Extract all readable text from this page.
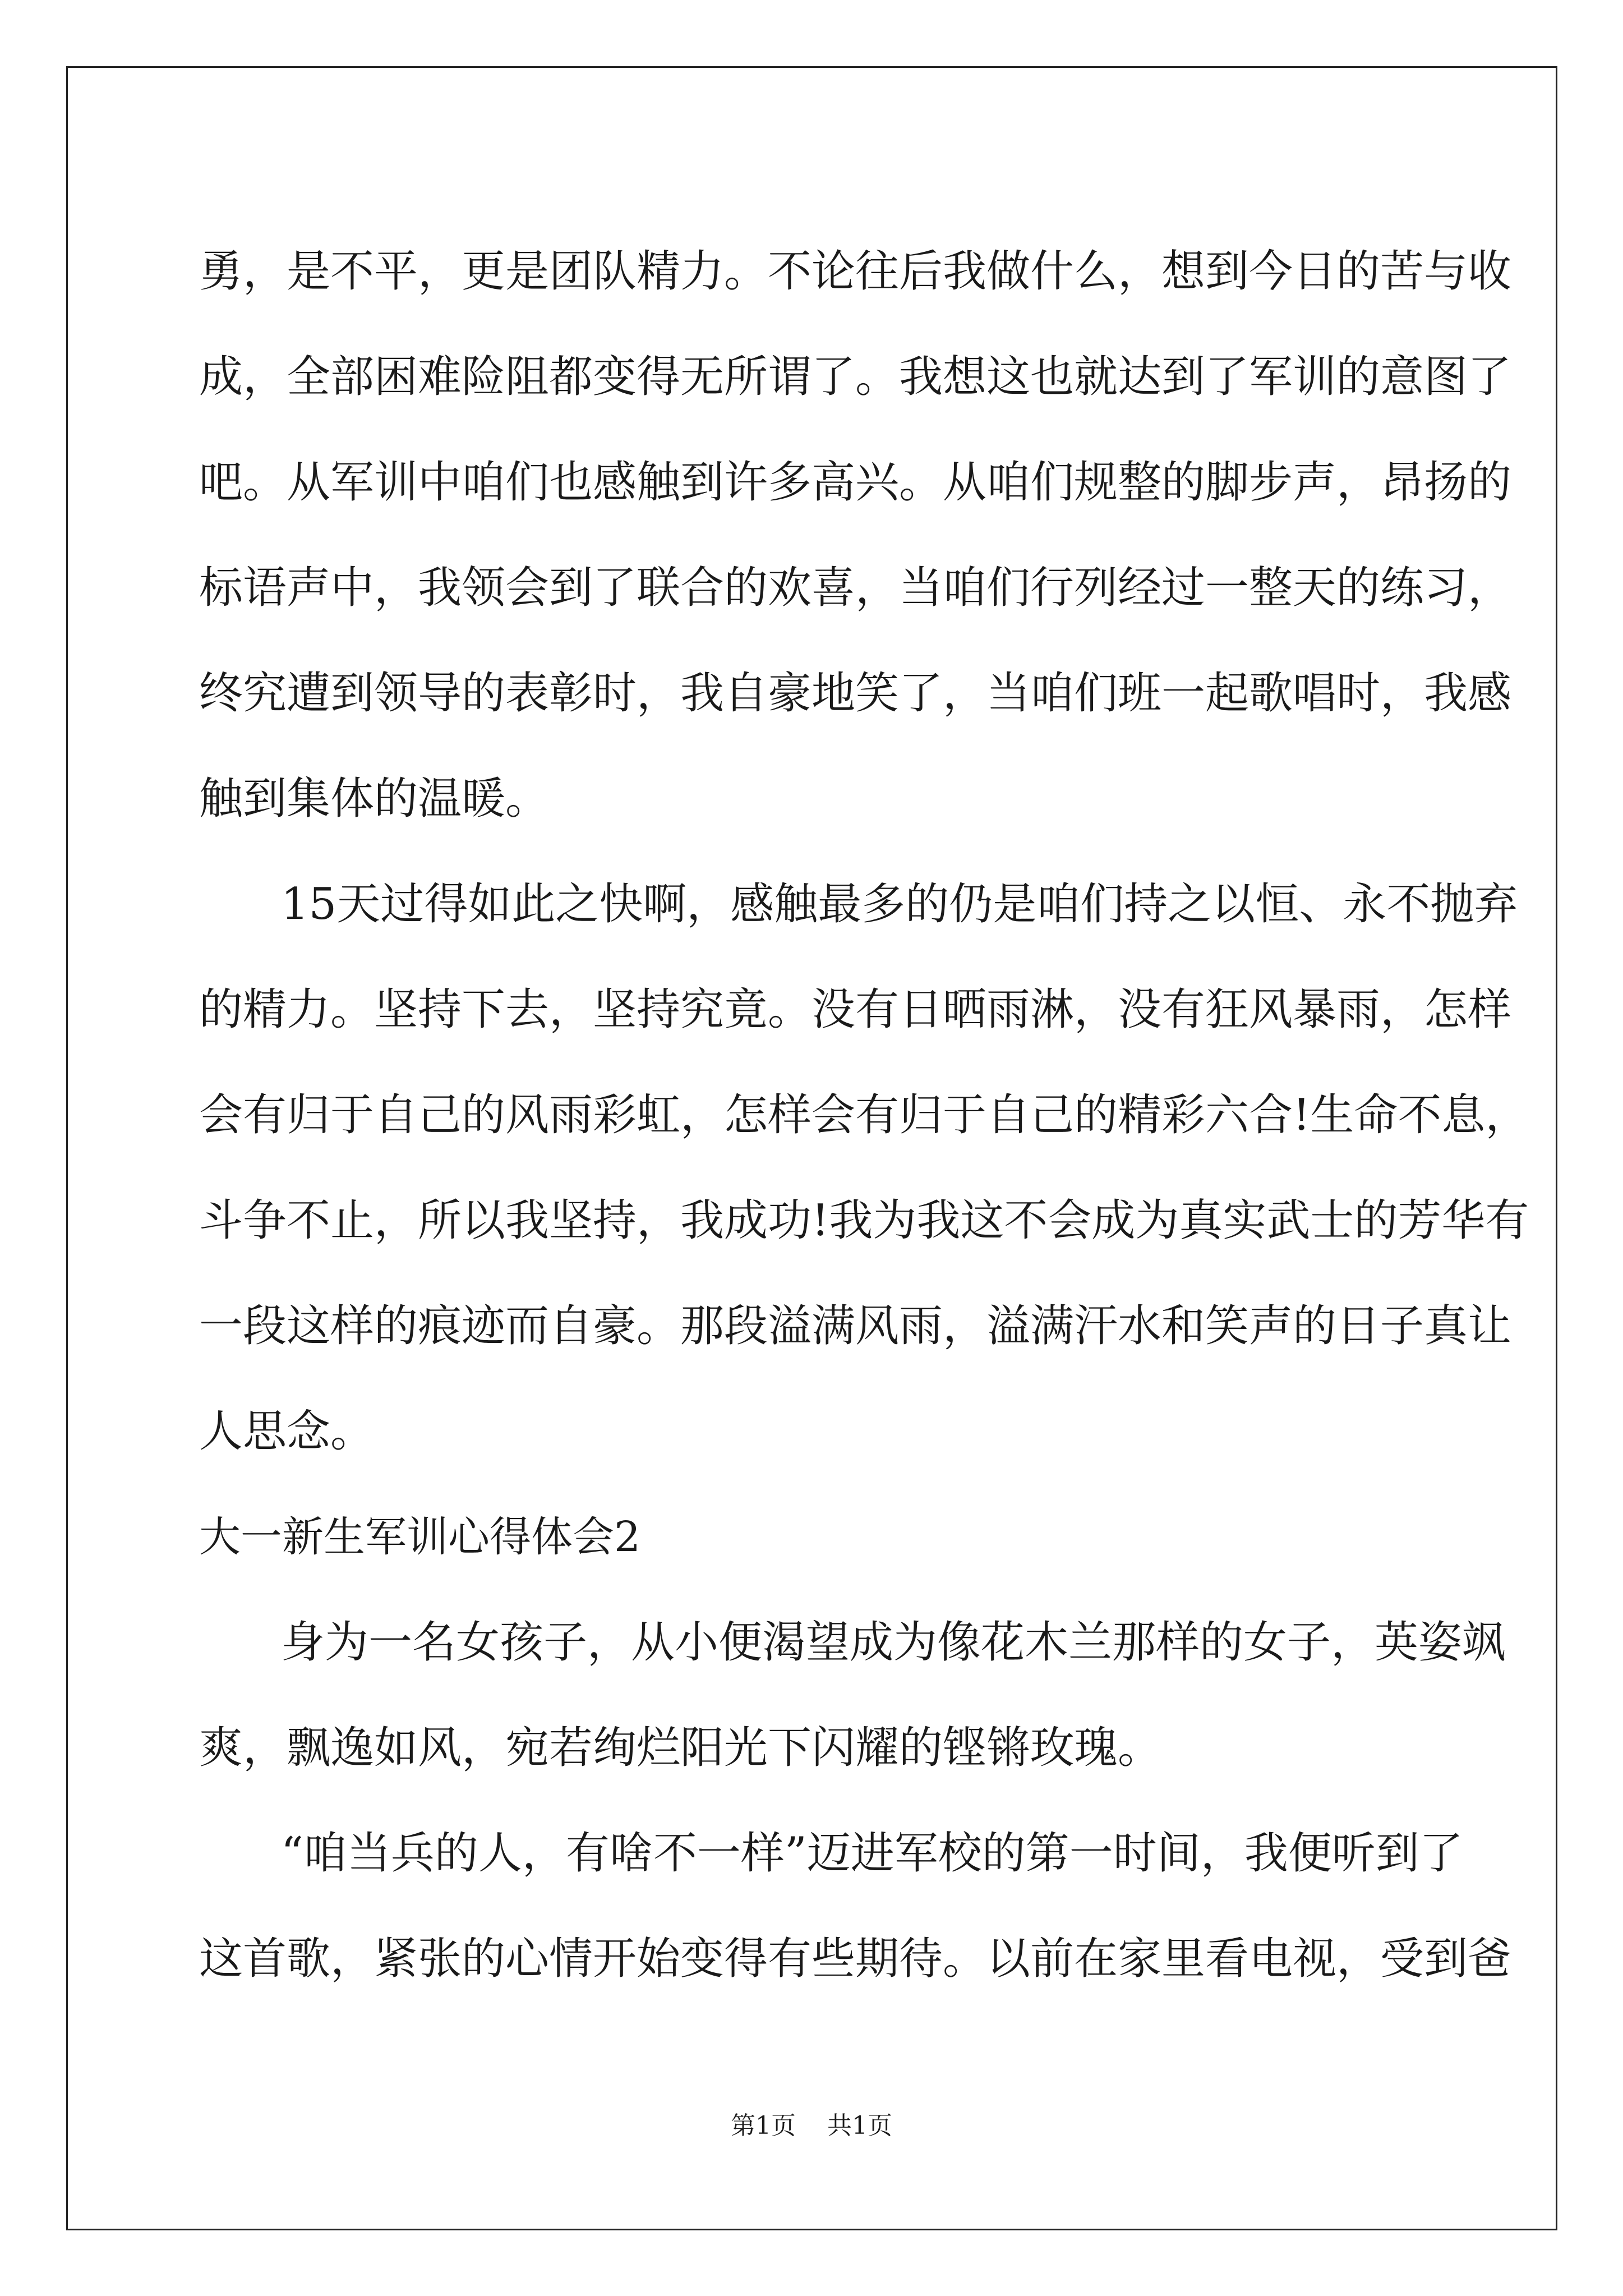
勇，是不平，更是团队精力。不论往后我做什么，想到今日的苦与收
成，全部困难险阻都变得无所谓了。我想这也就达到了军训的意图了
吧。从军训中咱们也感触到许多高兴。从咱们规整的脚步声，昂扬的
标语声中，我领会到了联合的欢喜，当咱们行列经过一整天的练习，
终究遭到领导的表彰时，我自豪地笑了，当咱们班一起歌唱时，我感
触到集体的温暖。
15天过得如此之快啊，感触最多的仍是咱们持之以恒、永不抛弃
的精力。坚持下去，坚持究竟。没有日晒雨淋，没有狂风暴雨，怎样
会有归于自己的风雨彩虹，怎样会有归于自己的精彩六合!生命不息，
斗争不止，所以我坚持，我成功!我为我这不会成为真实武士的芳华有
一段这样的痕迹而自豪。那段溢满风雨，溢满汗水和笑声的日子真让
人思念。
大一新生军训心得体会2
身为一名女孩子，从小便渴望成为像花木兰那样的女子，英姿飒
爽，飘逸如风，宛若绚烂阳光下闪耀的铿锵玫瑰。
“咱当兵的人，有啥不一样”迈进军校的第一时间，我便听到了
这首歌，紧张的心情开始变得有些期待。以前在家里看电视，受到爸
第1页 共1页
